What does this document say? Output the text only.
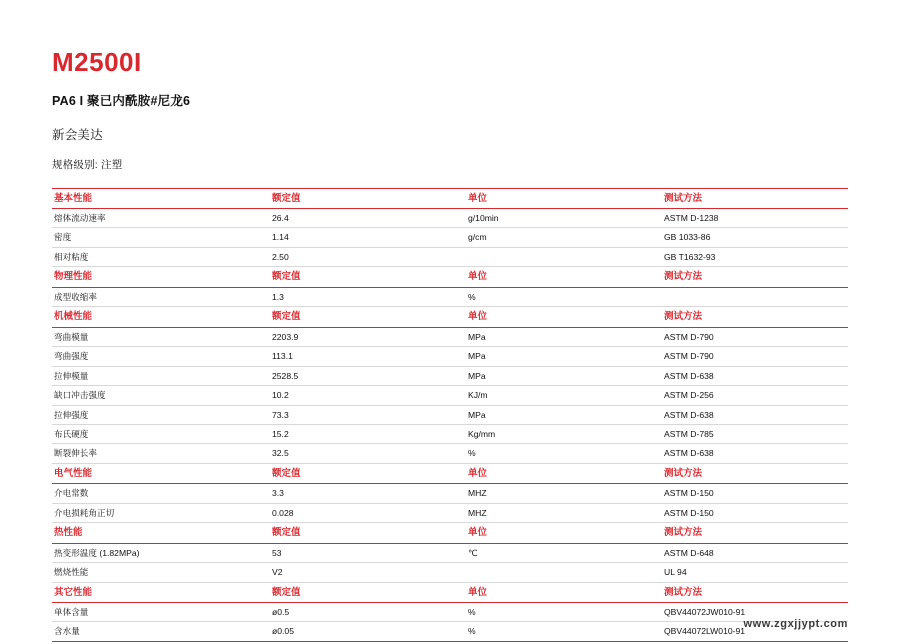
M2500I
PA6 I 聚已内酰胺#尼龙6
新会美达
规格级别: 注塑
基本性能	额定值	单位	测试方法
熔体流动速率	26.4	g/10min	ASTM D-1238
密度	1.14	g/cm	GB 1033-86
相对粘度	2.50		GB T1632-93
物理性能	额定值	单位	测试方法
成型收缩率	1.3	%	
机械性能	额定值	单位	测试方法
弯曲模量	2203.9	MPa	ASTM D-790
弯曲强度	113.1	MPa	ASTM D-790
拉伸模量	2528.5	MPa	ASTM D-638
缺口冲击强度	10.2	KJ/m	ASTM D-256
拉伸强度	73.3	MPa	ASTM D-638
布氏硬度	15.2	Kg/mm	ASTM D-785
断裂伸长率	32.5	%	ASTM D-638
电气性能	额定值	单位	测试方法
介电常数	3.3	MHZ	ASTM D-150
介电损耗角正切	0.028	MHZ	ASTM D-150
热性能	额定值	单位	测试方法
热变形温度 (1.82MPa)	53	℃	ASTM D-648
燃烧性能	V2		UL 94
其它性能	额定值	单位	测试方法
单体含量	ø0.5	%	QBV44072JW010-91
含水量	ø0.05	%	QBV44072LW010-91
www.zgxjjypt.com
